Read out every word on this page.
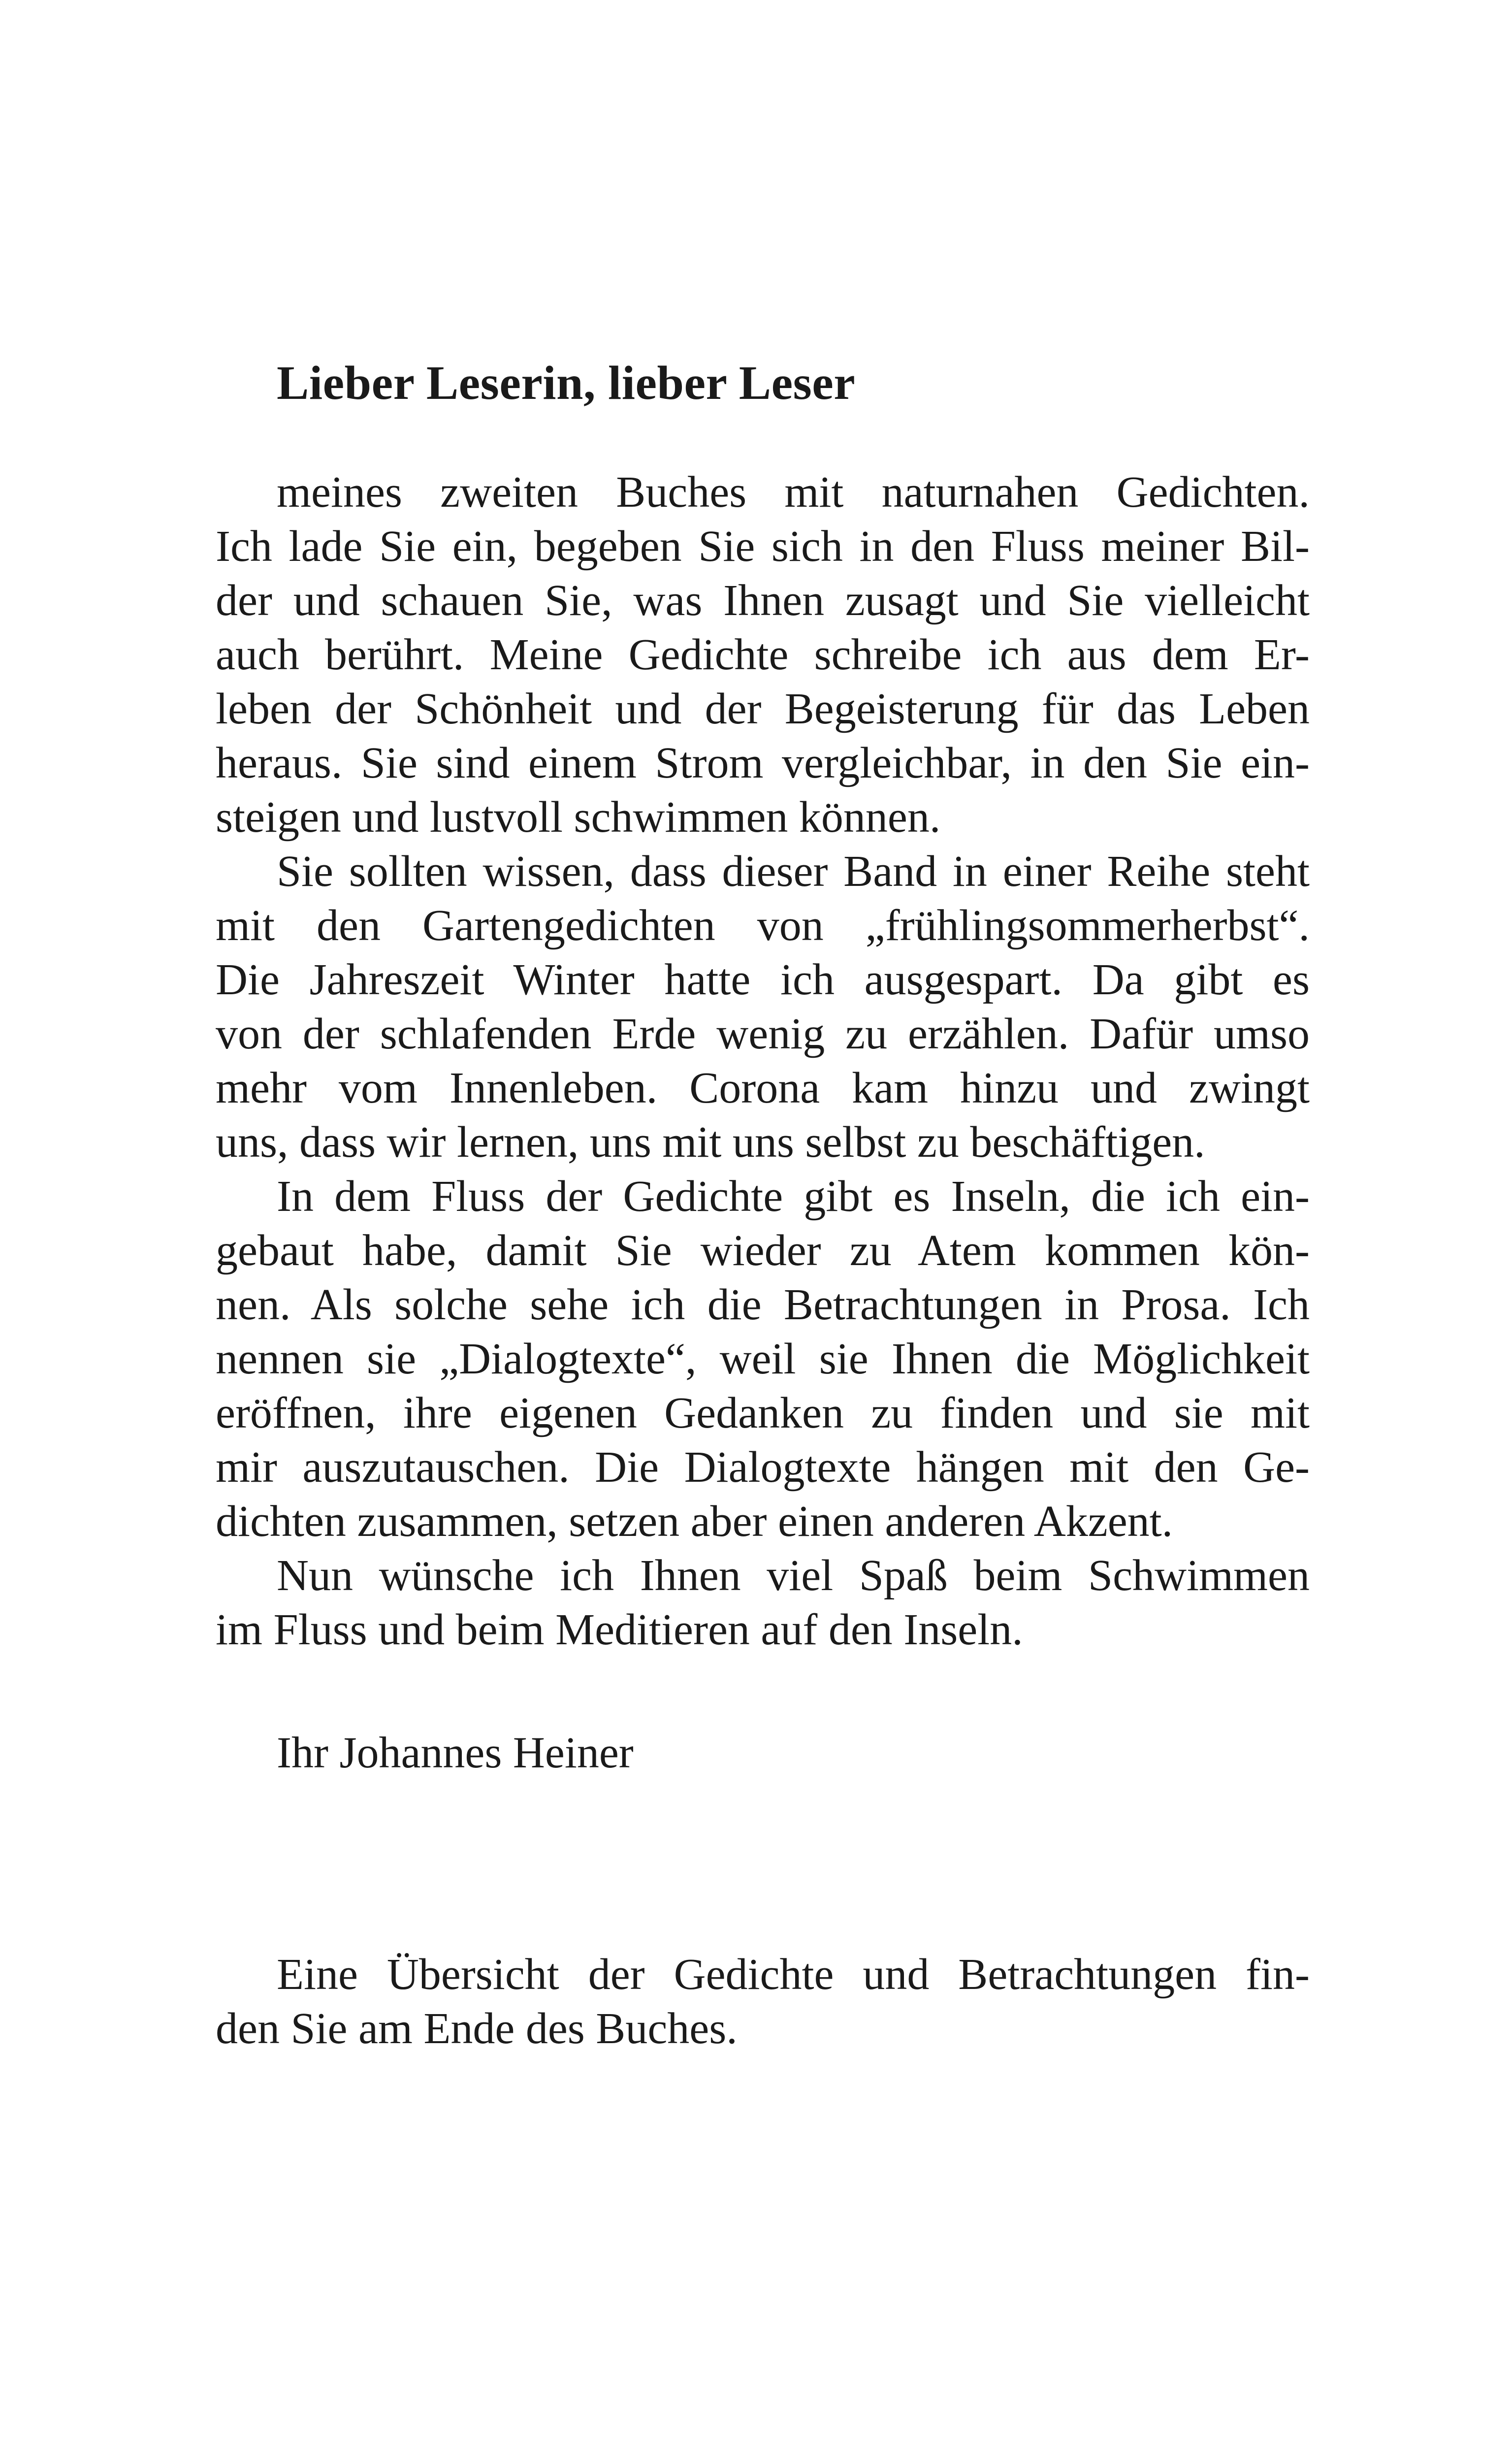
Lieber Leserin, lieber Leser
meines zweiten Buches mit naturnahen Gedichten.
Ich lade Sie ein, begeben Sie sich in den Fluss meiner Bil-
der und schauen Sie, was Ihnen zusagt und Sie vielleicht
auch berührt. Meine Gedichte schreibe ich aus dem Er-
leben der Schönheit und der Begeisterung für das Leben
heraus. Sie sind einem Strom vergleichbar, in den Sie ein-
steigen und lustvoll schwimmen können.
Sie sollten wissen, dass dieser Band in einer Reihe steht
mit den Gartengedichten von „frühlingsommerherbst“.
Die Jahreszeit Winter hatte ich ausgespart. Da gibt es
von der schlafenden Erde wenig zu erzählen. Dafür umso
mehr vom Innenleben. Corona kam hinzu und zwingt
uns, dass wir lernen, uns mit uns selbst zu beschäftigen.
In dem Fluss der Gedichte gibt es Inseln, die ich ein-
gebaut habe, damit Sie wieder zu Atem kommen kön-
nen. Als solche sehe ich die Betrachtungen in Prosa. Ich
nennen sie „Dialogtexte“, weil sie Ihnen die Möglichkeit
eröffnen, ihre eigenen Gedanken zu finden und sie mit
mir auszutauschen. Die Dialogtexte hängen mit den Ge-
dichten zusammen, setzen aber einen anderen Akzent.
Nun wünsche ich Ihnen viel Spaß beim Schwimmen
im Fluss und beim Meditieren auf den Inseln.
Ihr Johannes Heiner
Eine Übersicht der Gedichte und Betrachtungen fin-
den Sie am Ende des Buches.
